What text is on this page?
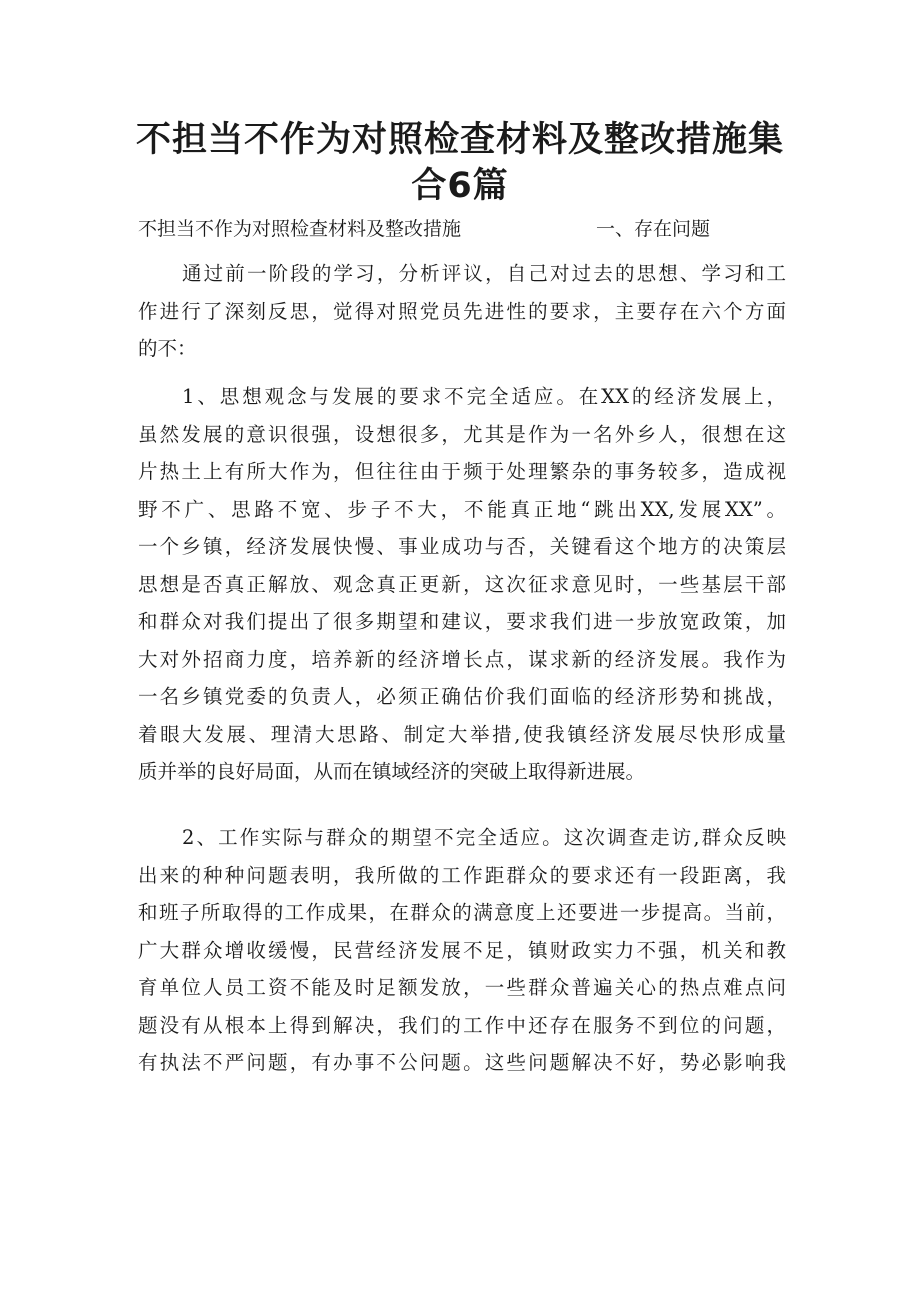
不担当不作为对照检查材料及整改措施集
合6篇
不担当不作为对照检查材料及整改措施	一、存在问题
通过前一阶段的学习，分析评议，自己对过去的思想、学习和工
作进行了深刻反思，觉得对照党员先进性的要求，主要存在六个方面
的不：
1、思想观念与发展的要求不完全适应。在XX的经济发展上，
虽然发展的意识很强，设想很多，尤其是作为一名外乡人，很想在这
片热土上有所大作为，但往往由于频于处理繁杂的事务较多，造成视
野不广、思路不宽、步子不大，不能真正地“跳出XX,发展XX”。
一个乡镇，经济发展快慢、事业成功与否，关键看这个地方的决策层
思想是否真正解放、观念真正更新，这次征求意见时，一些基层干部
和群众对我们提出了很多期望和建议，要求我们进一步放宽政策，加
大对外招商力度，培养新的经济增长点，谋求新的经济发展。我作为
一名乡镇党委的负责人，必须正确估价我们面临的经济形势和挑战，
着眼大发展、理清大思路、制定大举措,使我镇经济发展尽快形成量
质并举的良好局面，从而在镇域经济的突破上取得新进展。
2、工作实际与群众的期望不完全适应。这次调查走访,群众反映
出来的种种问题表明，我所做的工作距群众的要求还有一段距离，我
和班子所取得的工作成果，在群众的满意度上还要进一步提高。当前，
广大群众增收缓慢，民营经济发展不足，镇财政实力不强，机关和教
育单位人员工资不能及时足额发放，一些群众普遍关心的热点难点问
题没有从根本上得到解决，我们的工作中还存在服务不到位的问题，
有执法不严问题，有办事不公问题。这些问题解决不好，势必影响我
